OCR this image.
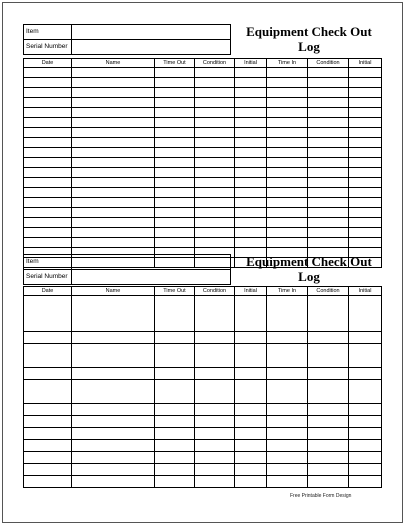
Item	
Serial Number	
Equipment Check Out Log
Date	Name	Time Out	Condition	Initial	Time In	Condition	Initial

Item	
Serial Number	
Equipment Check Out Log
Date	Name	Time Out	Condition	Initial	Time In	Condition	Initial

Free Printable Form Design
